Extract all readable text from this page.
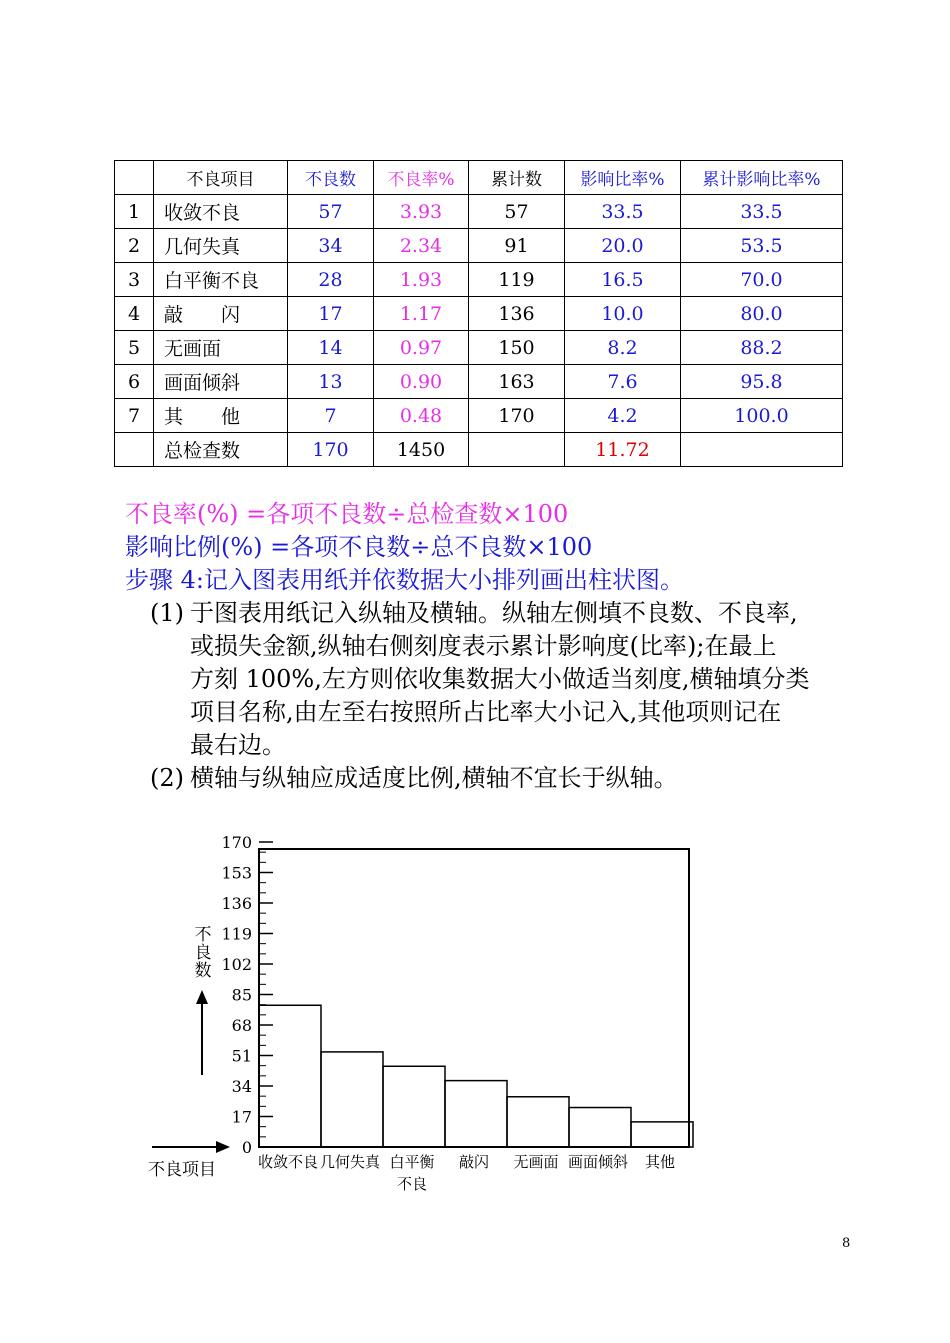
	不良项目	不良数	不良率%	累计数	影响比率%	累计影响比率%
1	收敛不良	57	3.93	57	33.5	33.5
2	几何失真	34	2.34	91	20.0	53.5
3	白平衡不良	28	1.93	119	16.5	70.0
4	敲　　闪	17	1.17	136	10.0	80.0
5	无画面	14	0.97	150	8.2	88.2
6	画面倾斜	13	0.90	163	7.6	95.8
7	其　　他	7	0.48	170	4.2	100.0
	总检查数	170	1450		11.72	
不良率(%) =各项不良数÷总检查数×100
影响比例(%) =各项不良数÷总不良数×100
步骤 4:记入图表用纸并依数据大小排列画出柱状图。
(1) 于图表用纸记入纵轴及横轴。纵轴左侧填不良数、不良率,
或损失金额,纵轴右侧刻度表示累计影响度(比率);在最上
方刻 100%,左方则依收集数据大小做适当刻度,横轴填分类
项目名称,由左至右按照所占比率大小记入,其他项则记在
最右边。
(2) 横轴与纵轴应成适度比例,横轴不宜长于纵轴。
0
17
34
51
68
85
102
119
136
153
170
收敛不良 几何失真 白平衡
不良
敲闪 无画面 画面倾斜 其他
不
良
数
不良项目
8
